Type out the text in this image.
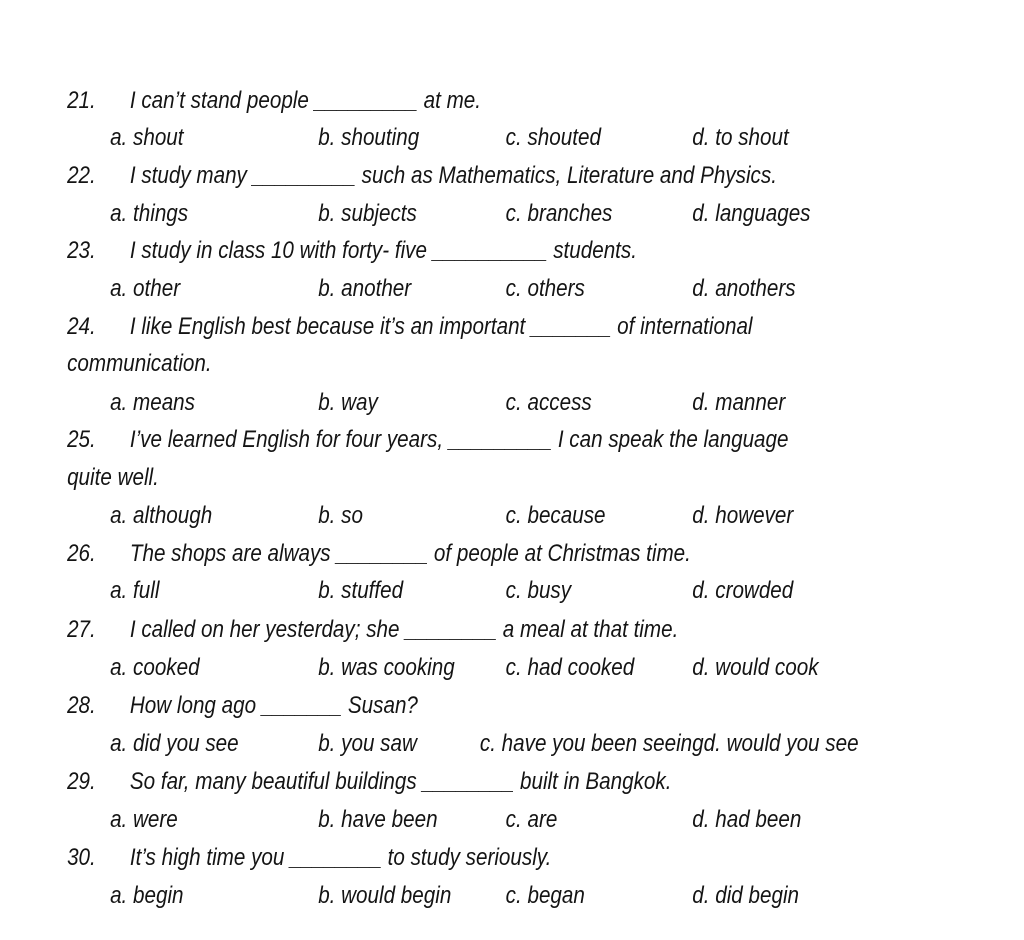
21. I can’t stand people _________ at me.
a. shout	b. shouting	c. shouted	d. to shout
22. I study many _________ such as Mathematics, Literature and Physics.
a. things	b. subjects	c. branches	d. languages
23. I study in class 10 with forty- five __________ students.
a. other	b. another	c. others	d. anothers
24. I like English best because it’s an important _______ of international
communication.
a. means	b. way	c. access	d. manner
25. I’ve learned English for four years, _________ I can speak the language
quite well.
a. although	b. so	c. because	d. however
26. The shops are always ________ of people at Christmas time.
a. full	b. stuffed	c. busy	d. crowded
27. I called on her yesterday; she ________ a meal at that time.
a. cooked	b. was cooking c. had cooked d. would cook
28. How long ago _______ Susan?
a. did you see	b. you saw	c. have you been seeingd. would you see
29. So far, many beautiful buildings ________ built in Bangkok.
a. were	b. have been	c. are	d. had been
30. It’s high time you ________ to study seriously.
a. begin	b. would begin c. began	d. did begin
